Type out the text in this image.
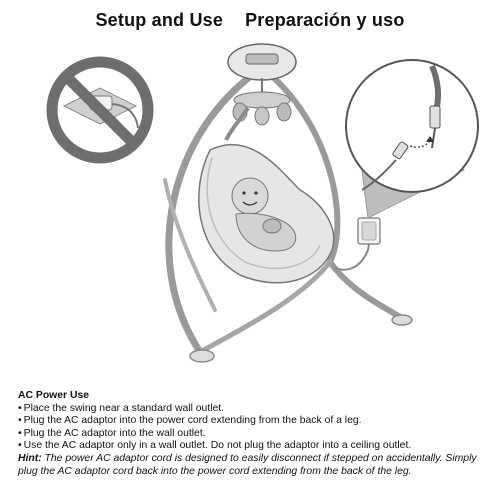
Setup and Use Preparación y uso
AC Power Use
• Place the swing near a standard wall outlet.
• Plug the AC adaptor into the power cord extending from the back of a leg.
• Plug the AC adaptor into the wall outlet.
• Use the AC adaptor only in a wall outlet. Do not plug the adaptor into a ceiling outlet.
Hint: The power AC adaptor cord is designed to easily disconnect if stepped on accidentally. Simply plug the AC adaptor cord back into the power cord extending from the back of the leg.
